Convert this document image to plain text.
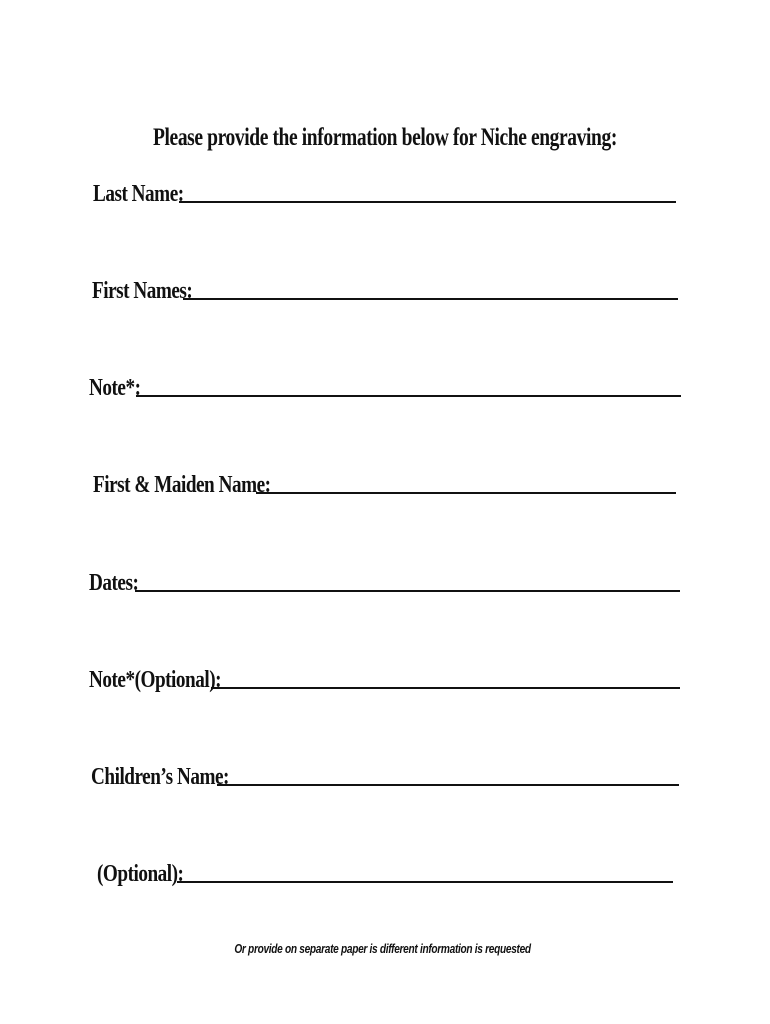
Please provide the information below for Niche engraving:
Last Name:
First Names:
Note*:
First & Maiden Name:
Dates:
Note*(Optional):
Children’s Name:
(Optional):
Or provide on separate paper is different information is requested
